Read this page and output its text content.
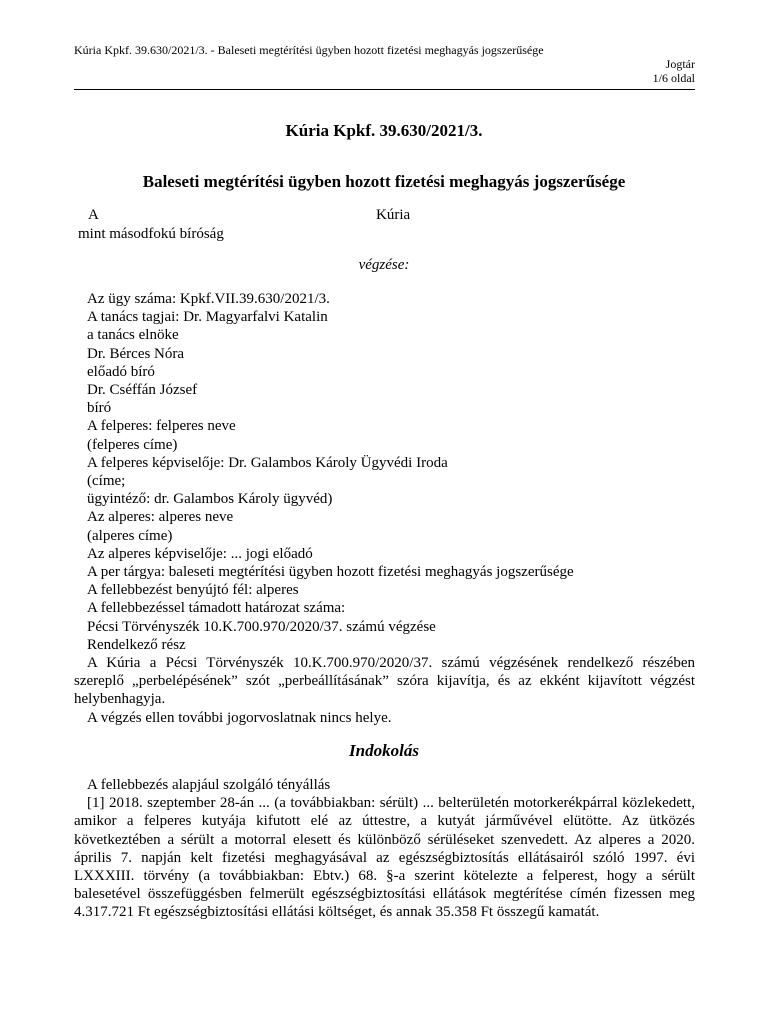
Kúria Kpkf. 39.630/2021/3. - Baleseti megtérítési ügyben hozott fizetési meghagyás jogszerűsége
Jogtár
1/6 oldal
Kúria Kpkf. 39.630/2021/3.
Baleseti megtérítési ügyben hozott fizetési meghagyás jogszerűsége
A	Kúria
mint másodfokú bíróság
végzése:
Az ügy száma: Kpkf.VII.39.630/2021/3.
A tanács tagjai: Dr. Magyarfalvi Katalin
a tanács elnöke
Dr. Bérces Nóra
előadó bíró
Dr. Cséffán József
bíró
A felperes: felperes neve
(felperes címe)
A felperes képviselője: Dr. Galambos Károly Ügyvédi Iroda
(címe;
ügyintéző: dr. Galambos Károly ügyvéd)
Az alperes: alperes neve
(alperes címe)
Az alperes képviselője: ... jogi előadó
A per tárgya: baleseti megtérítési ügyben hozott fizetési meghagyás jogszerűsége
A fellebbezést benyújtó fél: alperes
A fellebbezéssel támadott határozat száma:
Pécsi Törvényszék 10.K.700.970/2020/37. számú végzése
Rendelkező rész
A Kúria a Pécsi Törvényszék 10.K.700.970/2020/37. számú végzésének rendelkező részében szereplő „perbelépésének” szót „perbeállításának” szóra kijavítja, és az ekként kijavított végzést helybenhagyja.
A végzés ellen további jogorvoslatnak nincs helye.
Indokolás
A fellebbezés alapjául szolgáló tényállás
[1] 2018. szeptember 28-án ... (a továbbiakban: sérült) ... belterületén motorkerékpárral közlekedett, amikor a felperes kutyája kifutott elé az úttestre, a kutyát járművével elütötte. Az ütközés következtében a sérült a motorral elesett és különböző sérüléseket szenvedett. Az alperes a 2020. április 7. napján kelt fizetési meghagyásával az egészségbiztosítás ellátásairól szóló 1997. évi LXXXIII. törvény (a továbbiakban: Ebtv.) 68. §-a szerint kötelezte a felperest, hogy a sérült balesetével összefüggésben felmerült egészségbiztosítási ellátások megtérítése címén fizessen meg 4.317.721 Ft egészségbiztosítási ellátási költséget, és annak 35.358 Ft összegű kamatát.
